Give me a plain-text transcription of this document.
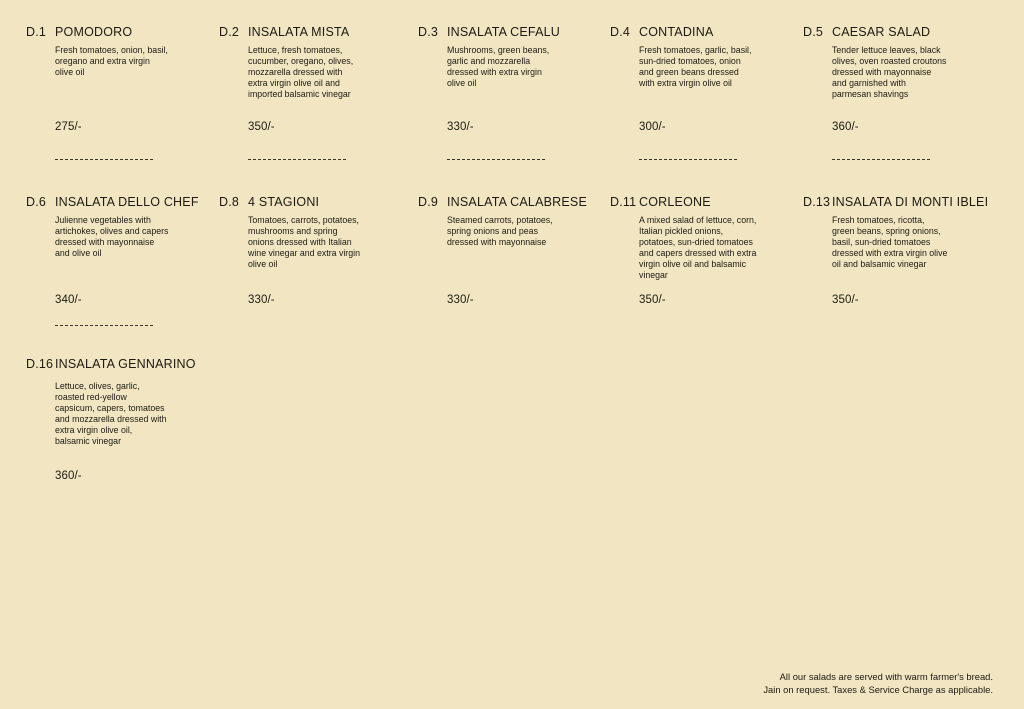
D.1 POMODORO
Fresh tomatoes, onion, basil,
oregano and extra virgin
olive oil
275/-
D.2 INSALATA MISTA
Lettuce, fresh tomatoes,
cucumber, oregano, olives,
mozzarella dressed with
extra virgin olive oil and
imported balsamic vinegar
350/-
D.3 INSALATA CEFALU
Mushrooms, green beans,
garlic and mozzarella
dressed with extra virgin
olive oil
330/-
D.4 CONTADINA
Fresh tomatoes, garlic, basil,
sun-dried tomatoes, onion
and green beans dressed
with extra virgin olive oil
300/-
D.5 CAESAR SALAD
Tender lettuce leaves, black
olives, oven roasted croutons
dressed with mayonnaise
and garnished with
parmesan shavings
360/-
D.6 INSALATA DELLO CHEF
Julienne vegetables with
artichokes, olives and capers
dressed with mayonnaise
and olive oil
340/-
D.8 4 STAGIONI
Tomatoes, carrots, potatoes,
mushrooms and spring
onions dressed with Italian
wine vinegar and extra virgin
olive oil
330/-
D.9 INSALATA CALABRESE
Steamed carrots, potatoes,
spring onions and peas
dressed with mayonnaise
330/-
D.11 CORLEONE
A mixed salad of lettuce, corn,
Italian pickled onions,
potatoes, sun-dried tomatoes
and capers dressed with extra
virgin olive oil and balsamic
vinegar
350/-
D.13 INSALATA DI MONTI IBLEI
Fresh tomatoes, ricotta,
green beans, spring onions,
basil, sun-dried tomatoes
dressed with extra virgin olive
oil and balsamic vinegar
350/-
D.16 INSALATA GENNARINO
Lettuce, olives, garlic,
roasted red-yellow
capsicum, capers, tomatoes
and mozzarella dressed with
extra virgin olive oil,
balsamic vinegar
360/-
All our salads are served with warm farmer's bread.
Jain on request. Taxes & Service Charge as applicable.
